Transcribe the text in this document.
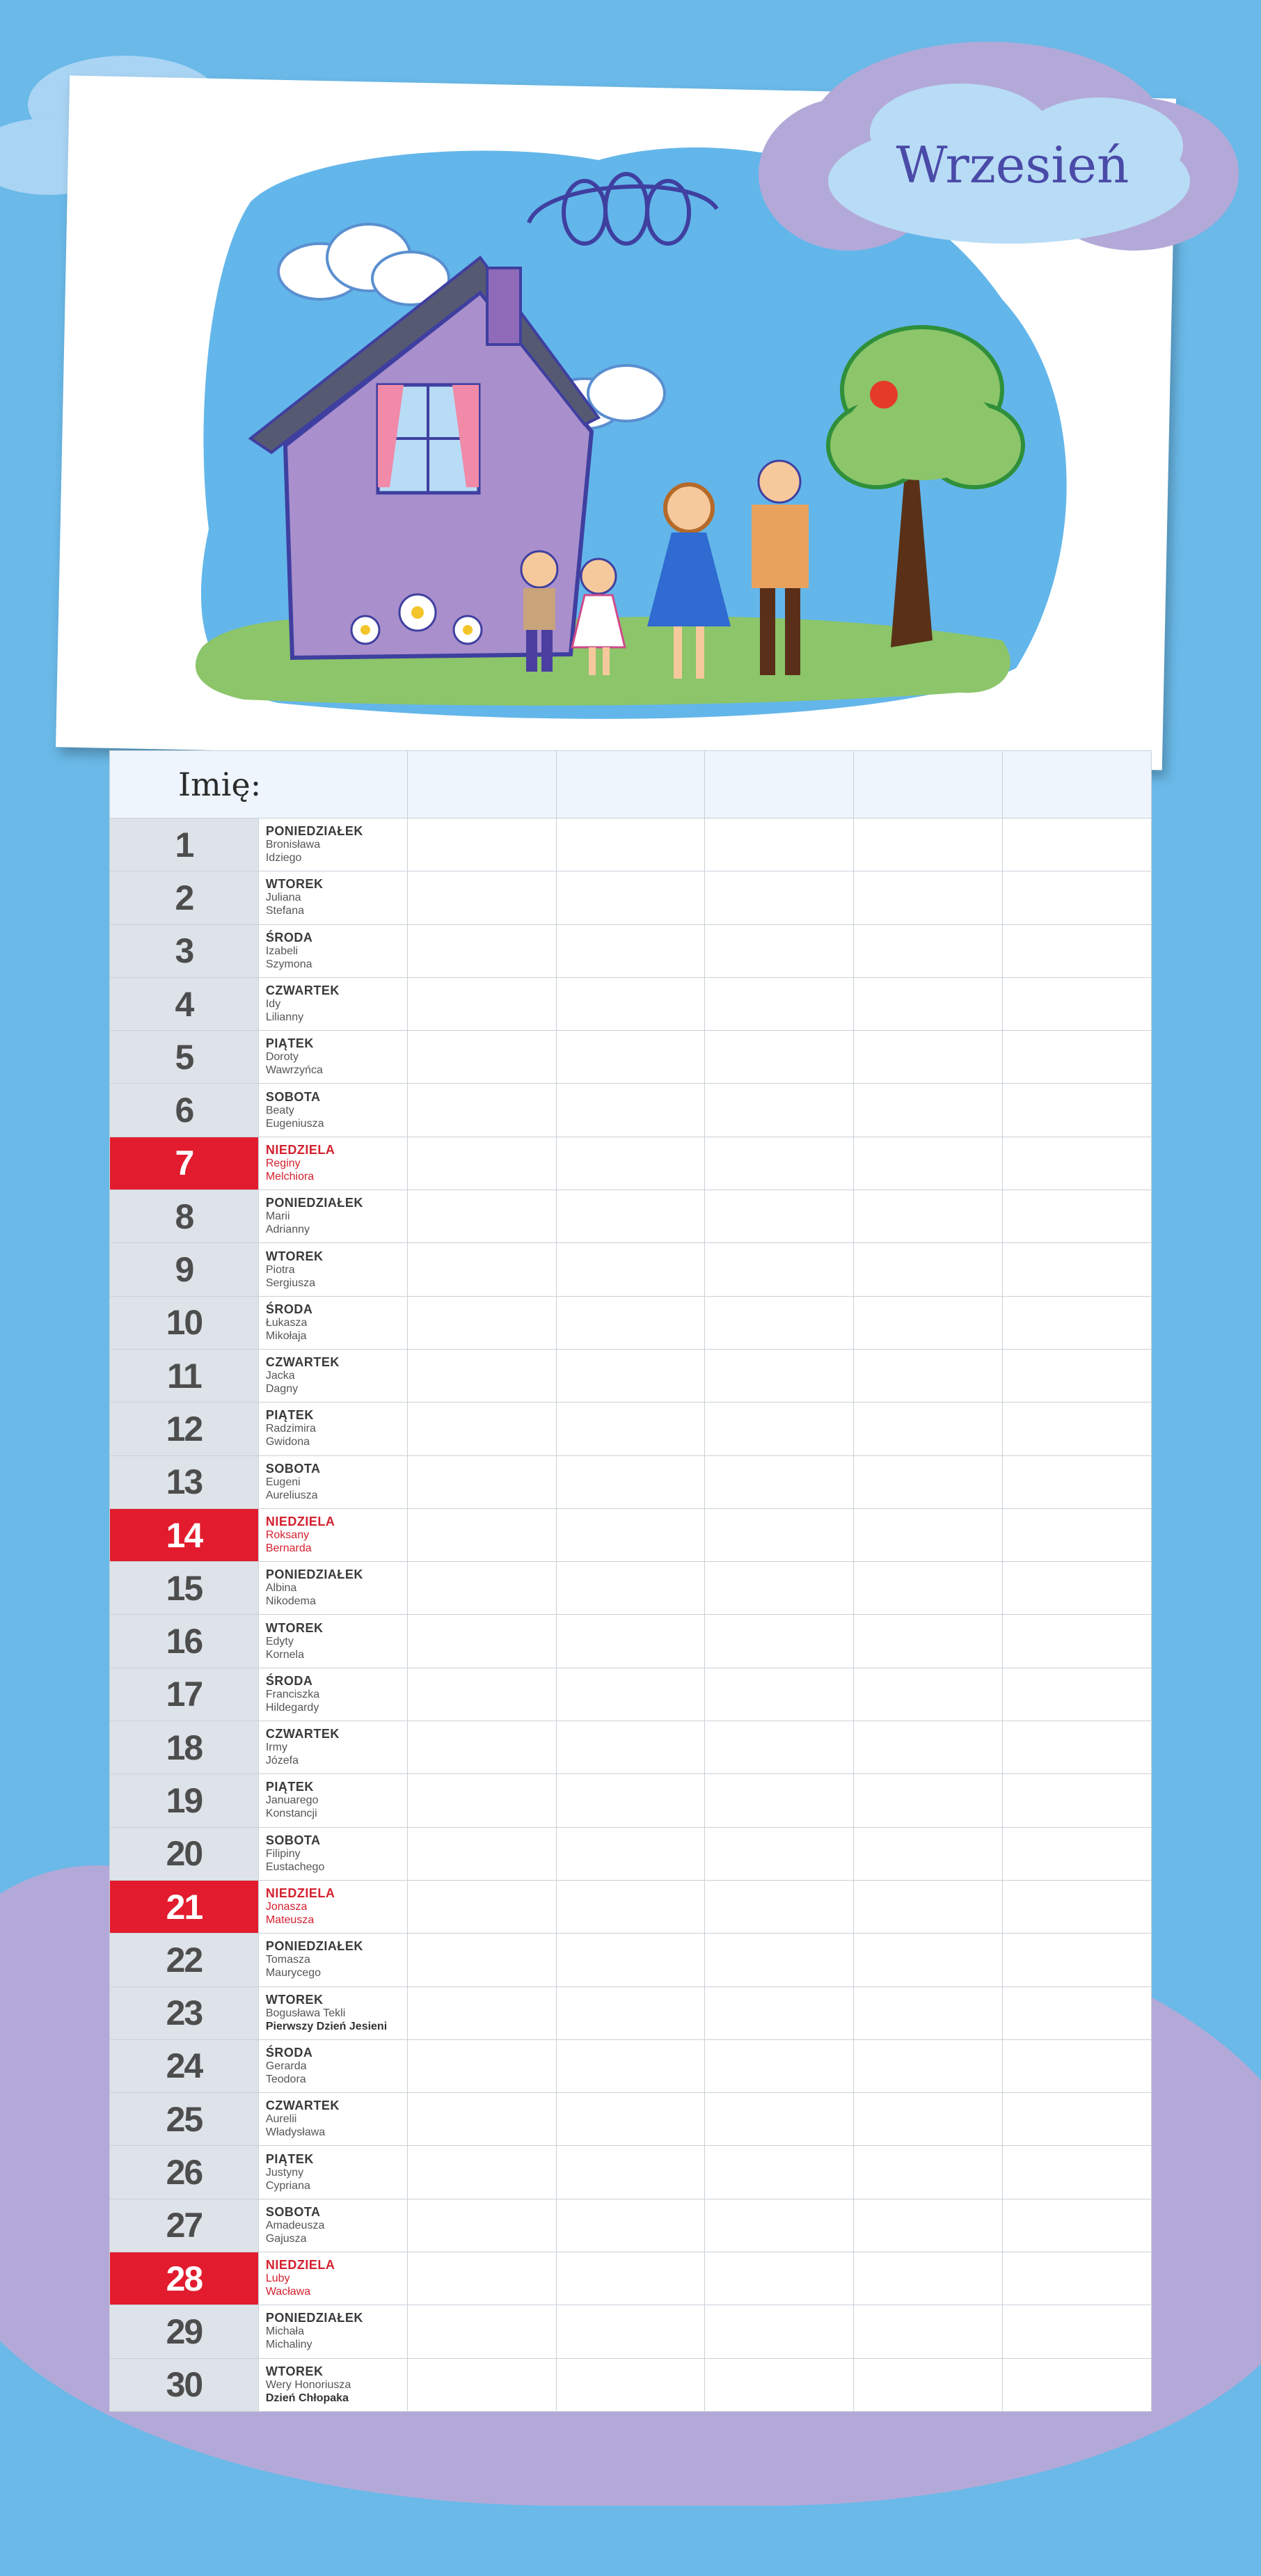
Wrzesień
Imię:						
1	PONIEDZIAŁEK
Bronisława
Idziego					

2	WTOREK
Juliana
Stefana					

3	ŚRODA
Izabeli
Szymona					

4	CZWARTEK
Idy
Lilianny					

5	PIĄTEK
Doroty
Wawrzyńca					

6	SOBOTA
Beaty
Eugeniusza					

7	NIEDZIELA
Reginy
Melchiora					

8	PONIEDZIAŁEK
Marii
Adrianny					

9	WTOREK
Piotra
Sergiusza					

10	ŚRODA
Łukasza
Mikołaja					

11	CZWARTEK
Jacka
Dagny					

12	PIĄTEK
Radzimira
Gwidona					

13	SOBOTA
Eugeni
Aureliusza					

14	NIEDZIELA
Roksany
Bernarda					

15	PONIEDZIAŁEK
Albina
Nikodema					

16	WTOREK
Edyty
Kornela					

17	ŚRODA
Franciszka
Hildegardy					

18	CZWARTEK
Irmy
Józefa					

19	PIĄTEK
Januarego
Konstancji					

20	SOBOTA
Filipiny
Eustachego					

21	NIEDZIELA
Jonasza
Mateusza					

22	PONIEDZIAŁEK
Tomasza
Maurycego					

23	WTOREK
Bogusława Tekli
Pierwszy Dzień Jesieni					

24	ŚRODA
Gerarda
Teodora					

25	CZWARTEK
Aurelii
Władysława					

26	PIĄTEK
Justyny
Cypriana					

27	SOBOTA
Amadeusza
Gajusza					

28	NIEDZIELA
Luby
Wacława					

29	PONIEDZIAŁEK
Michała
Michaliny					

30	WTOREK
Wery Honoriusza
Dzień Chłopaka					
